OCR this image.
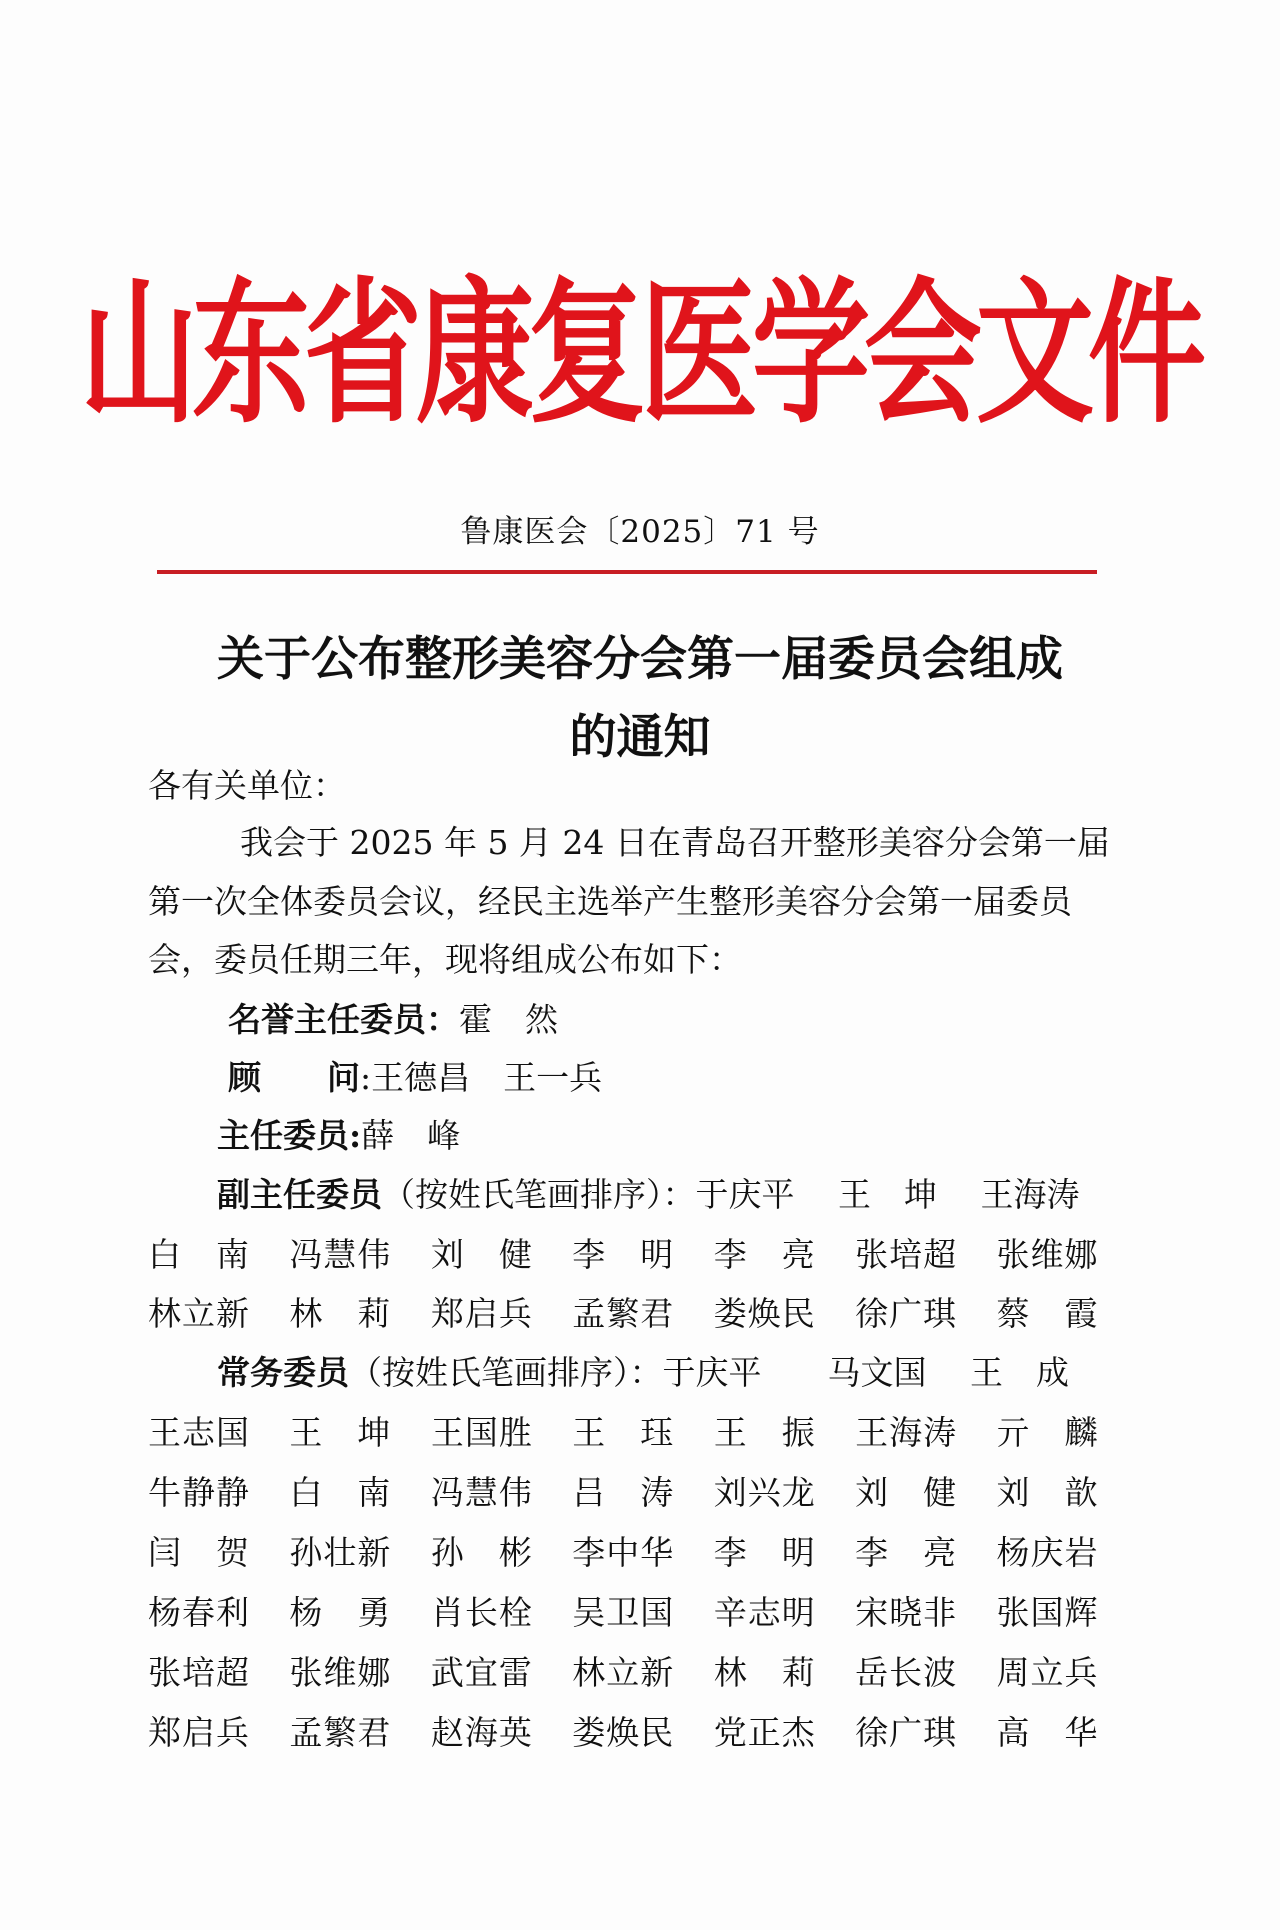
山东省康复医学会文件
鲁康医会〔2025〕71 号
关于公布整形美容分会第一届委员会组成
的通知
各有关单位：
我会于 2025 年 5 月 24 日在青岛召开整形美容分会第一届
第一次全体委员会议，经民主选举产生整形美容分会第一届委员
会，委员任期三年，现将组成公布如下：
名誉主任委员：霍　然
顾　　问:王德昌　王一兵
主任委员:薛　峰
副主任委员（按姓氏笔画排序）：于庆平　 王　坤　 王海涛
白　南	冯慧伟	刘　健	李　明	李　亮	张培超	张维娜
林立新	林　莉	郑启兵	孟繁君	娄焕民	徐广琪	蔡　霞
常务委员（按姓氏笔画排序）：于庆平　　马文国　 王　成
王志国	王　坤	王国胜	王　珏	王　振	王海涛	亓　麟
牛静静	白　南	冯慧伟	吕　涛	刘兴龙	刘　健	刘　歆
闫　贺	孙壮新	孙　彬	李中华	李　明	李　亮	杨庆岩
杨春利	杨　勇	肖长栓	吴卫国	辛志明	宋晓非	张国辉
张培超	张维娜	武宜雷	林立新	林　莉	岳长波	周立兵
郑启兵	孟繁君	赵海英	娄焕民	党正杰	徐广琪	高　华
